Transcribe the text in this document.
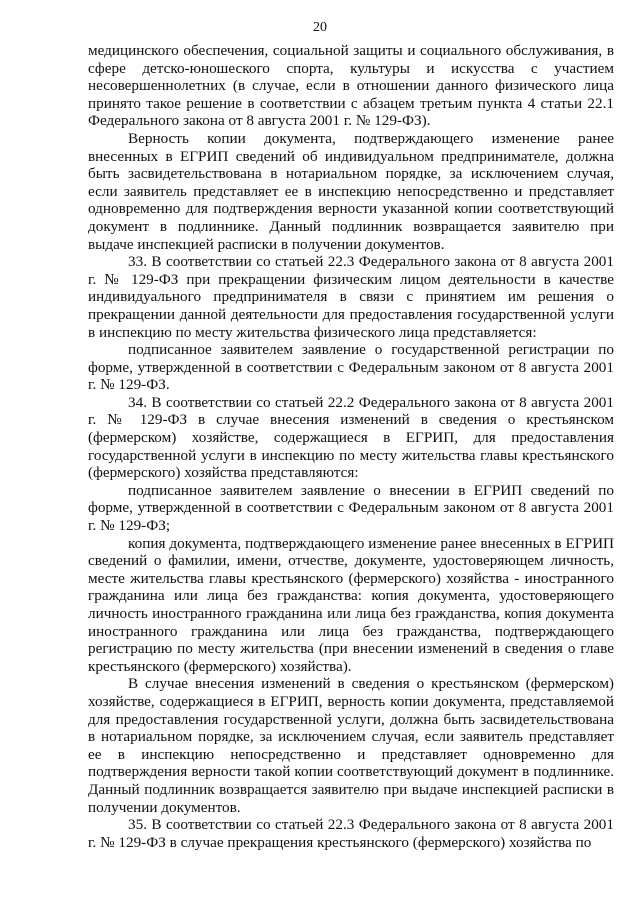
20

медицинского обеспечения, социальной защиты и социального обслуживания, в сфере детско-юношеского спорта, культуры и искусства с участием несовершеннолетних (в случае, если в отношении данного физического лица принято такое решение в соответствии с абзацем третьим пункта 4 статьи 22.1 Федерального закона от 8 августа 2001 г. № 129-ФЗ).

Верность копии документа, подтверждающего изменение ранее внесенных в ЕГРИП сведений об индивидуальном предпринимателе, должна быть засвидетельствована в нотариальном порядке, за исключением случая, если заявитель представляет ее в инспекцию непосредственно и представляет одновременно для подтверждения верности указанной копии соответствующий документ в подлиннике. Данный подлинник возвращается заявителю при выдаче инспекцией расписки в получении документов.

33. В соответствии со статьей 22.3 Федерального закона от 8 августа 2001 г. № 129-ФЗ при прекращении физическим лицом деятельности в качестве индивидуального предпринимателя в связи с принятием им решения о прекращении данной деятельности для предоставления государственной услуги в инспекцию по месту жительства физического лица представляется:

подписанное заявителем заявление о государственной регистрации по форме, утвержденной в соответствии с Федеральным законом от 8 августа 2001 г. № 129-ФЗ.

34. В соответствии со статьей 22.2 Федерального закона от 8 августа 2001 г. № 129-ФЗ в случае внесения изменений в сведения о крестьянском (фермерском) хозяйстве, содержащиеся в ЕГРИП, для предоставления государственной услуги в инспекцию по месту жительства главы крестьянского (фермерского) хозяйства представляются:

подписанное заявителем заявление о внесении в ЕГРИП сведений по форме, утвержденной в соответствии с Федеральным законом от 8 августа 2001 г. № 129-ФЗ;

копия документа, подтверждающего изменение ранее внесенных в ЕГРИП сведений о фамилии, имени, отчестве, документе, удостоверяющем личность, месте жительства главы крестьянского (фермерского) хозяйства - иностранного гражданина или лица без гражданства: копия документа, удостоверяющего личность иностранного гражданина или лица без гражданства, копия документа иностранного гражданина или лица без гражданства, подтверждающего регистрацию по месту жительства (при внесении изменений в сведения о главе крестьянского (фермерского) хозяйства).

В случае внесения изменений в сведения о крестьянском (фермерском) хозяйстве, содержащиеся в ЕГРИП, верность копии документа, представляемой для предоставления государственной услуги, должна быть засвидетельствована в нотариальном порядке, за исключением случая, если заявитель представляет ее в инспекцию непосредственно и представляет одновременно для подтверждения верности такой копии соответствующий документ в подлиннике. Данный подлинник возвращается заявителю при выдаче инспекцией расписки в получении документов.

35. В соответствии со статьей 22.3 Федерального закона от 8 августа 2001 г. № 129-ФЗ в случае прекращения крестьянского (фермерского) хозяйства по
